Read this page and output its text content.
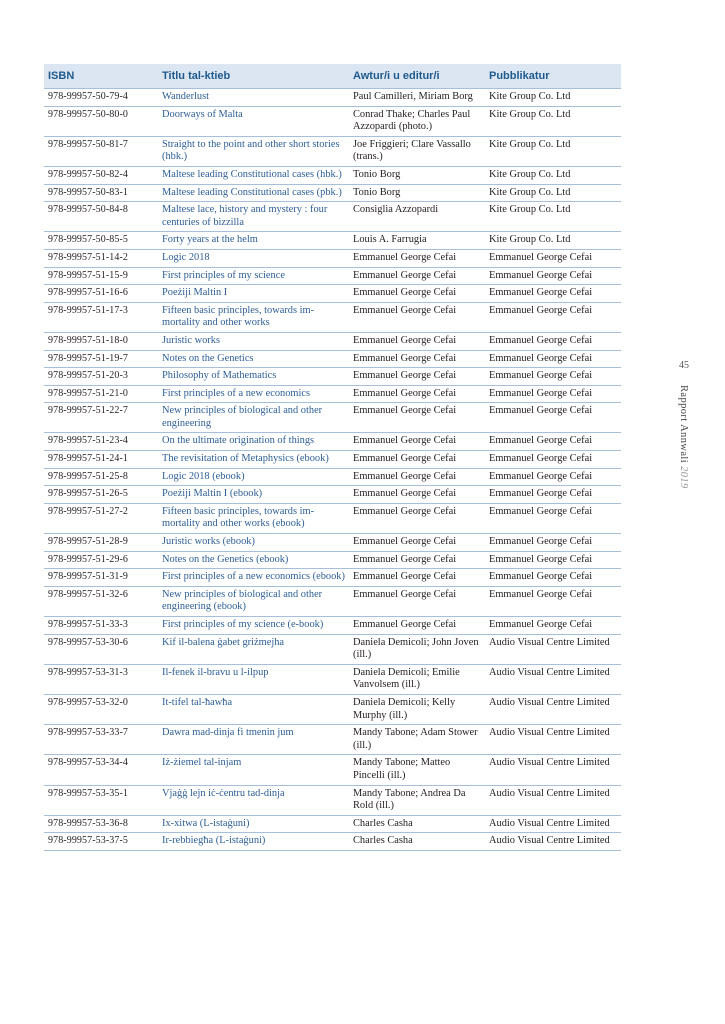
ISBN	Titlu tal-ktieb	Awtur/i u editur/i	Pubblikatur
978-99957-50-79-4	Wanderlust	Paul Camilleri, Miriam Borg	Kite Group Co. Ltd
978-99957-50-80-0	Doorways of Malta	Conrad Thake; Charles Paul Azzopardi (photo.)	Kite Group Co. Ltd
978-99957-50-81-7	Straight to the point and other short stories (hbk.)	Joe Friggieri; Clare Vassallo (trans.)	Kite Group Co. Ltd
978-99957-50-82-4	Maltese leading Constitutional cases (hbk.)	Tonio Borg	Kite Group Co. Ltd
978-99957-50-83-1	Maltese leading Constitutional cases (pbk.)	Tonio Borg	Kite Group Co. Ltd
978-99957-50-84-8	Maltese lace, history and mystery : four centuries of bizzilla	Consiglia Azzopardi	Kite Group Co. Ltd
978-99957-50-85-5	Forty years at the helm	Louis A. Farrugia	Kite Group Co. Ltd
978-99957-51-14-2	Logic 2018	Emmanuel George Cefai	Emmanuel George Cefai
978-99957-51-15-9	First principles of my science	Emmanuel George Cefai	Emmanuel George Cefai
978-99957-51-16-6	Poeżiji Maltin I	Emmanuel George Cefai	Emmanuel George Cefai
978-99957-51-17-3	Fifteen basic principles, towards immortality and other works	Emmanuel George Cefai	Emmanuel George Cefai
978-99957-51-18-0	Juristic works	Emmanuel George Cefai	Emmanuel George Cefai
978-99957-51-19-7	Notes on the Genetics	Emmanuel George Cefai	Emmanuel George Cefai
978-99957-51-20-3	Philosophy of Mathematics	Emmanuel George Cefai	Emmanuel George Cefai
978-99957-51-21-0	First principles of a new economics	Emmanuel George Cefai	Emmanuel George Cefai
978-99957-51-22-7	New principles of biological and other engineering	Emmanuel George Cefai	Emmanuel George Cefai
978-99957-51-23-4	On the ultimate origination of things	Emmanuel George Cefai	Emmanuel George Cefai
978-99957-51-24-1	The revisitation of Metaphysics (ebook)	Emmanuel George Cefai	Emmanuel George Cefai
978-99957-51-25-8	Logic 2018 (ebook)	Emmanuel George Cefai	Emmanuel George Cefai
978-99957-51-26-5	Poeżiji Maltin I (ebook)	Emmanuel George Cefai	Emmanuel George Cefai
978-99957-51-27-2	Fifteen basic principles, towards immortality and other works (ebook)	Emmanuel George Cefai	Emmanuel George Cefai
978-99957-51-28-9	Juristic works (ebook)	Emmanuel George Cefai	Emmanuel George Cefai
978-99957-51-29-6	Notes on the Genetics (ebook)	Emmanuel George Cefai	Emmanuel George Cefai
978-99957-51-31-9	First principles of a new economics (ebook)	Emmanuel George Cefai	Emmanuel George Cefai
978-99957-51-32-6	New principles of biological and other engineering (ebook)	Emmanuel George Cefai	Emmanuel George Cefai
978-99957-51-33-3	First principles of my science (e-book)	Emmanuel George Cefai	Emmanuel George Cefai
978-99957-53-30-6	Kif il-balena ġabet griżmejha	Daniela Demicoli; John Joven (ill.)	Audio Visual Centre Limited
978-99957-53-31-3	Il-fenek il-bravu u l-ilpup	Daniela Demicoli; Emilie Vanvolsem (ill.)	Audio Visual Centre Limited
978-99957-53-32-0	It-tifel tal-ħawħa	Daniela Demicoli; Kelly Murphy (ill.)	Audio Visual Centre Limited
978-99957-53-33-7	Dawra mad-dinja fi tmenin jum	Mandy Tabone; Adam Stower (ill.)	Audio Visual Centre Limited
978-99957-53-34-4	Iż-żiemel tal-injam	Mandy Tabone; Matteo Pincelli (ill.)	Audio Visual Centre Limited
978-99957-53-35-1	Vjaġġ lejn iċ-ċentru tad-dinja	Mandy Tabone; Andrea Da Rold (ill.)	Audio Visual Centre Limited
978-99957-53-36-8	Ix-xitwa (L-istaġuni)	Charles Casha	Audio Visual Centre Limited
978-99957-53-37-5	Ir-rebbiegħa (L-istaġuni)	Charles Casha	Audio Visual Centre Limited
45
Rapport Annwali 2019
